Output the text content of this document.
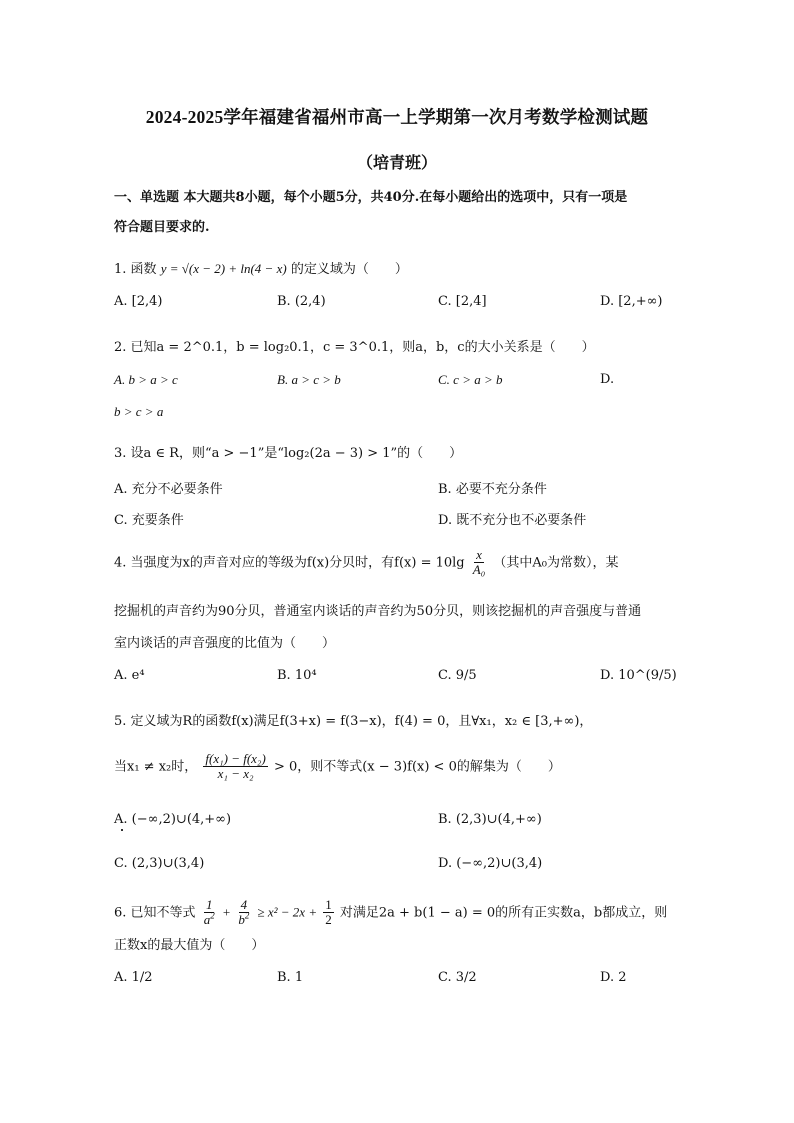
2024-2025学年福建省福州市高一上学期第一次月考数学检测试题
（培青班）
一、单选题 本大题共8小题，每个小题5分，共40分.在每小题给出的选项中，只有一项是
符合题目要求的.
1. 函数 y = √(x − 2) + ln(4 − x) 的定义域为（　　）
A. [2,4)	B. (2,4)	C. [2,4]	D. [2,+∞)
2. 已知a = 2^0.1，b = log₂0.1，c = 3^0.1，则a，b，c的大小关系是（　　）
A. b > a > c	B. a > c > b	C. c > a > b	D.
b > c > a
3. 设a ∈ R，则“a > −1”是“log₂(2a − 3) > 1”的（　　）
A. 充分不必要条件	B. 必要不充分条件
C. 充要条件	D. 既不充分也不必要条件
4. 当强度为x的声音对应的等级为f(x)分贝时，有$f(x) = 10\lg \frac{x}{\text{A₀}}$ （其中A₀为常数），某
挖掘机的声音约为90分贝，普通室内谈话的声音约为50分贝，则该挖掘机的声音强度与普通
室内谈话的声音强度的比值为（　　）
A. e⁴	B. 10⁴	C. 9/5	D. 10^(9/5)
5. 定义域为R的函数f(x)满足f(3+x) = f(3−x)，f(4) = 0，且∀x₁，x₂ ∈ [3,+∞)，
当x₁ ≠ x₂时， $\frac{\text{f(x₁) − f(x₂)}}{\text{x₁ − x₂}} > 0$，则不等式(x − 3)f(x) < 0的解集为（　　）
A. (−∞,2)∪(4,+∞)	B. (2,3)∪(4,+∞)
C. (2,3)∪(3,4)	D. (−∞,2)∪(3,4)
6. 已知不等式 $\frac{1}{a^2} + \frac{4}{b^2} \ge x^2 - 2x + \frac{1}{2}$ 对满足2a + b(1 − a) = 0的所有正实数a，b都成立，则
正数x的最大值为（　　）
A. 1/2	B. 1	C. 3/2	D. 2
